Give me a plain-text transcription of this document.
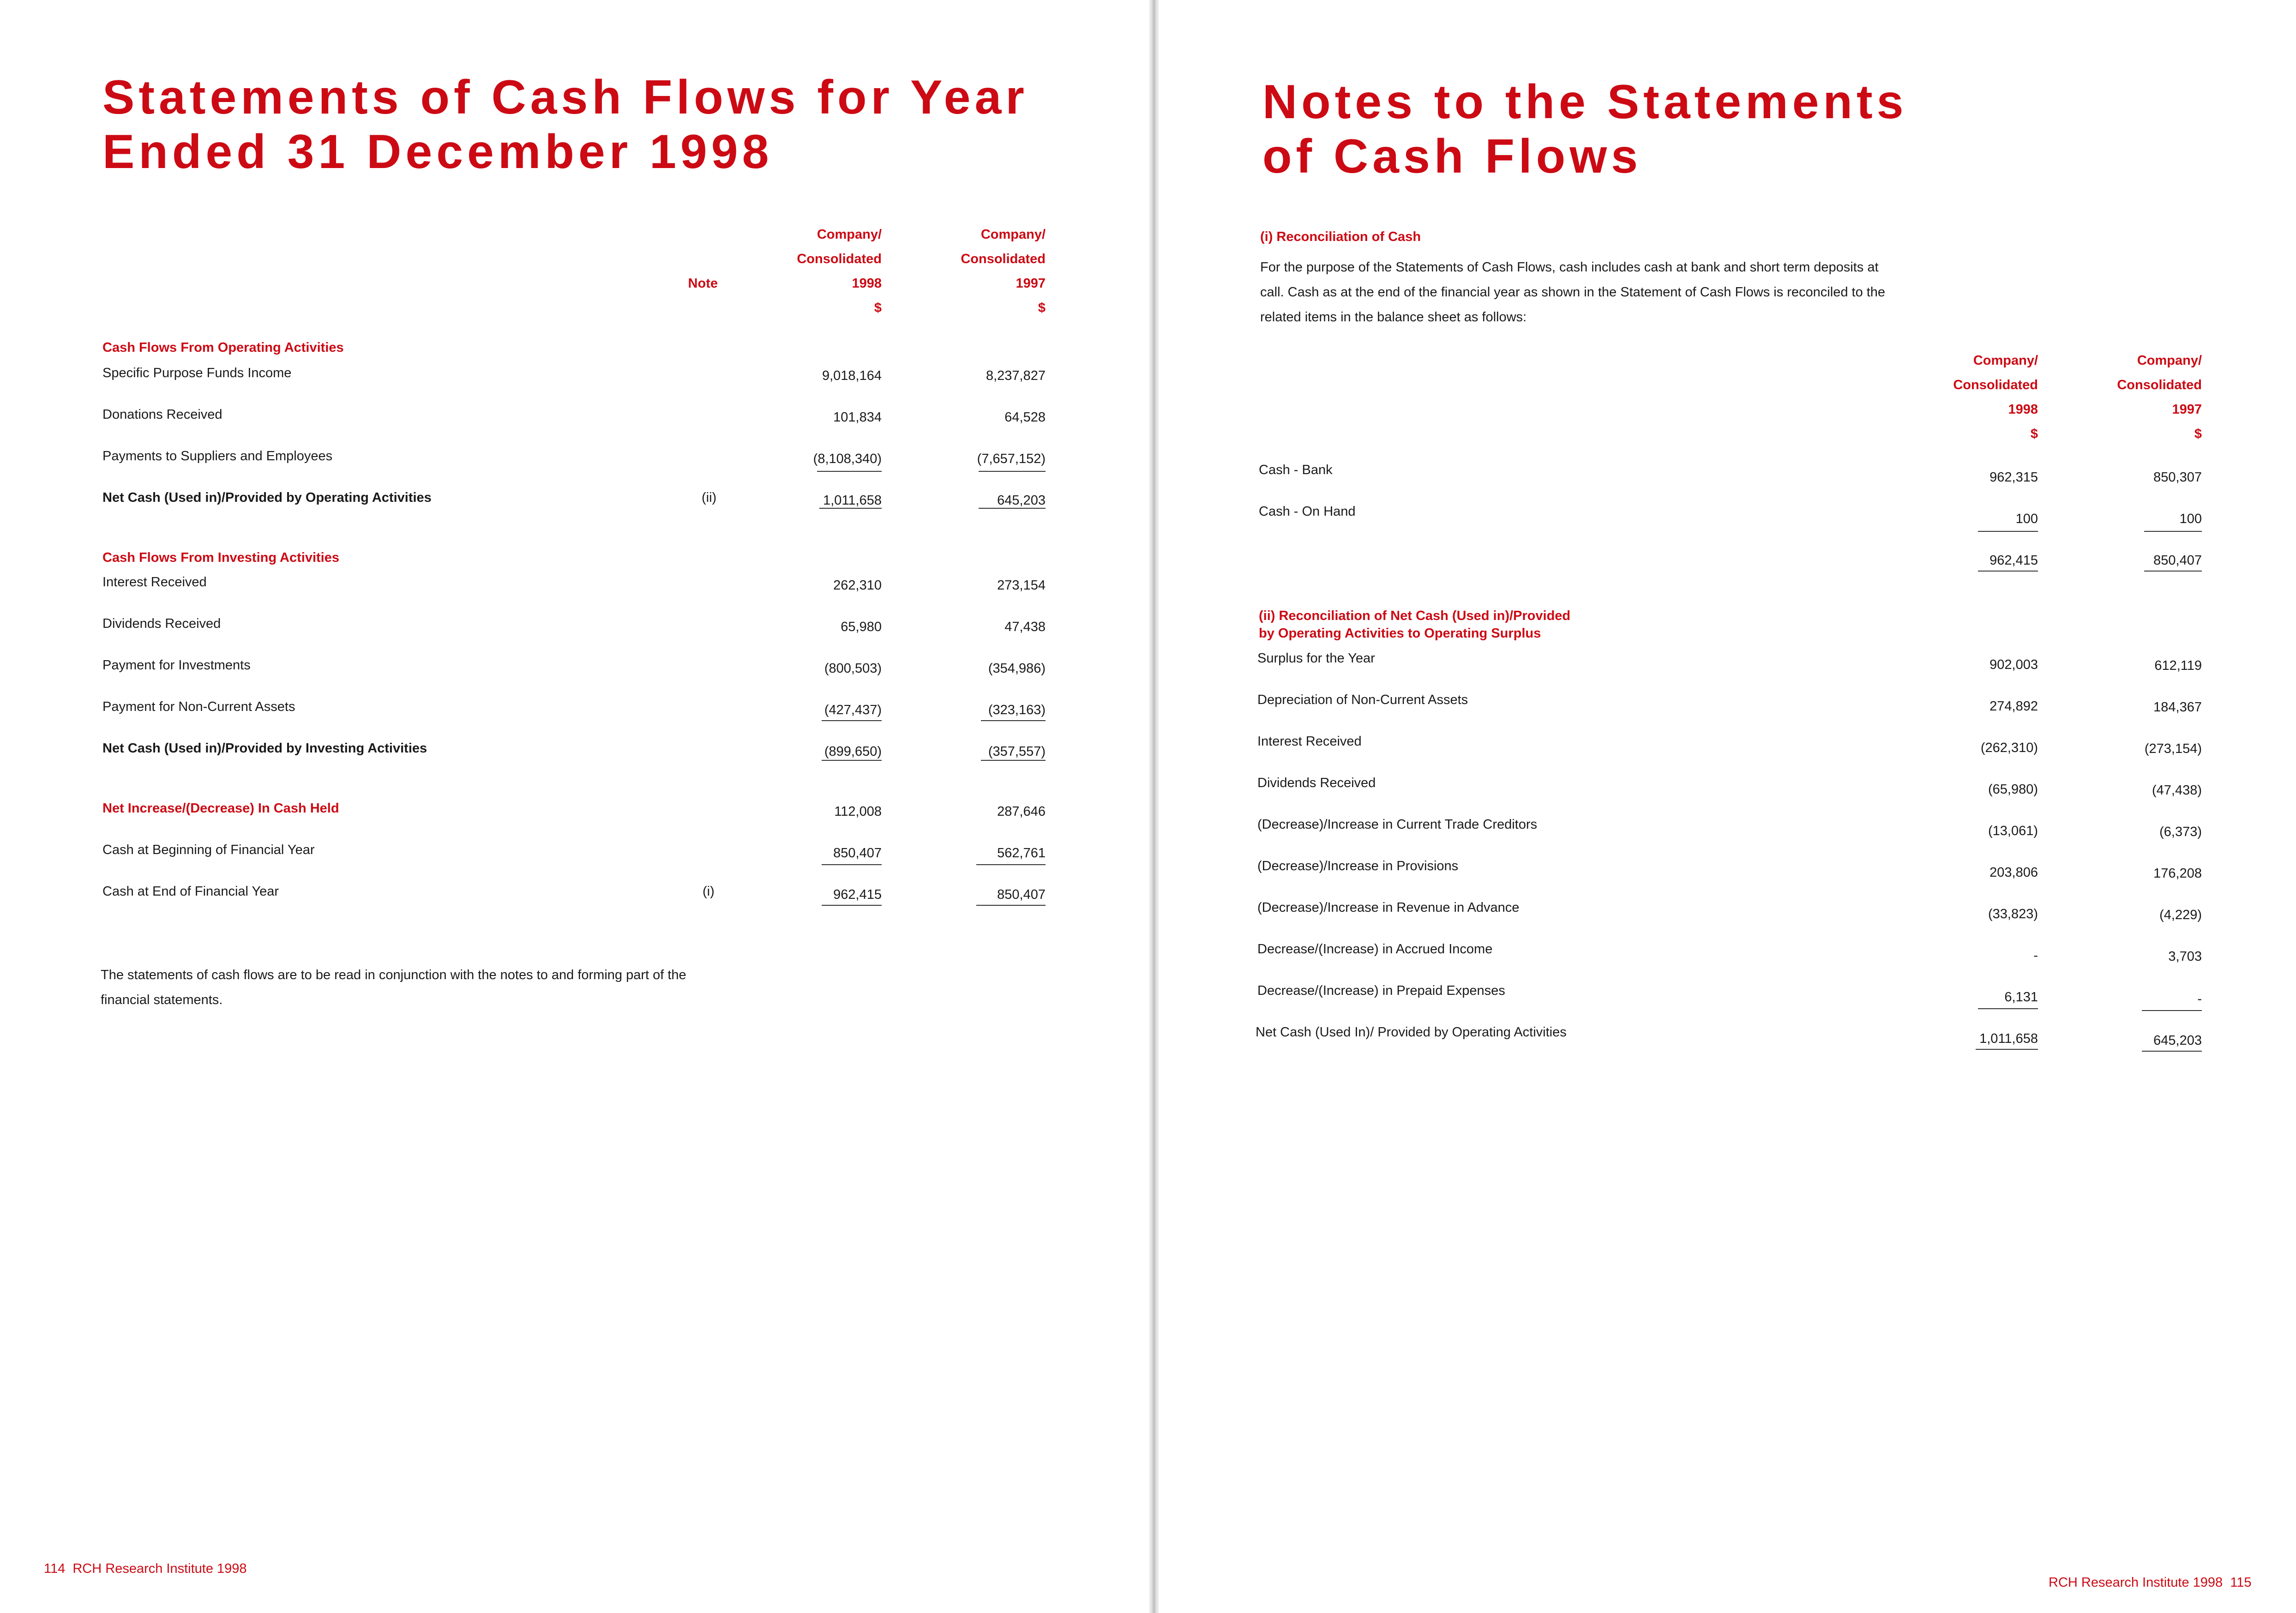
Statements of Cash Flows for Year
Ended 31 December 1998
Note
Company/
Consolidated
1998
$
Company/
Consolidated
1997
$
Cash Flows From Operating Activities
Specific Purpose Funds Income	9,018,164	8,237,827
Donations Received	101,834	64,528
Payments to Suppliers and Employees	(8,108,340)	(7,657,152)
Net Cash (Used in)/Provided by Operating Activities	(ii)	1,011,658	645,203
Cash Flows From Investing Activities
Interest Received	262,310	273,154
Dividends Received	65,980	47,438
Payment for Investments	(800,503)	(354,986)
Payment for Non-Current Assets	(427,437)	(323,163)
Net Cash (Used in)/Provided by Investing Activities	(899,650)	(357,557)
Net Increase/(Decrease) In Cash Held	112,008	287,646
Cash at Beginning of Financial Year	850,407	562,761
Cash at End of Financial Year	(i)	962,415	850,407
The statements of cash flows are to be read in conjunction with the notes to and forming part of the financial statements.
114 RCH Research Institute 1998
Notes to the Statements
of Cash Flows
(i) Reconciliation of Cash
For the purpose of the Statements of Cash Flows, cash includes cash at bank and short term deposits at call. Cash as at the end of the financial year as shown in the Statement of Cash Flows is reconciled to the related items in the balance sheet as follows:
Company/
Consolidated
1998
$
Company/
Consolidated
1997
$
Cash - Bank	962,315	850,307
Cash - On Hand	100	100
962,415	850,407
(ii) Reconciliation of Net Cash (Used in)/Provided
by Operating Activities to Operating Surplus
Surplus for the Year	902,003	612,119
Depreciation of Non-Current Assets	274,892	184,367
Interest Received	(262,310)	(273,154)
Dividends Received	(65,980)	(47,438)
(Decrease)/Increase in Current Trade Creditors	(13,061)	(6,373)
(Decrease)/Increase in Provisions	203,806	176,208
(Decrease)/Increase in Revenue in Advance	(33,823)	(4,229)
Decrease/(Increase) in Accrued Income	-	3,703
Decrease/(Increase) in Prepaid Expenses	6,131	-
Net Cash (Used In)/ Provided by Operating Activities	1,011,658	645,203
RCH Research Institute 1998 115
